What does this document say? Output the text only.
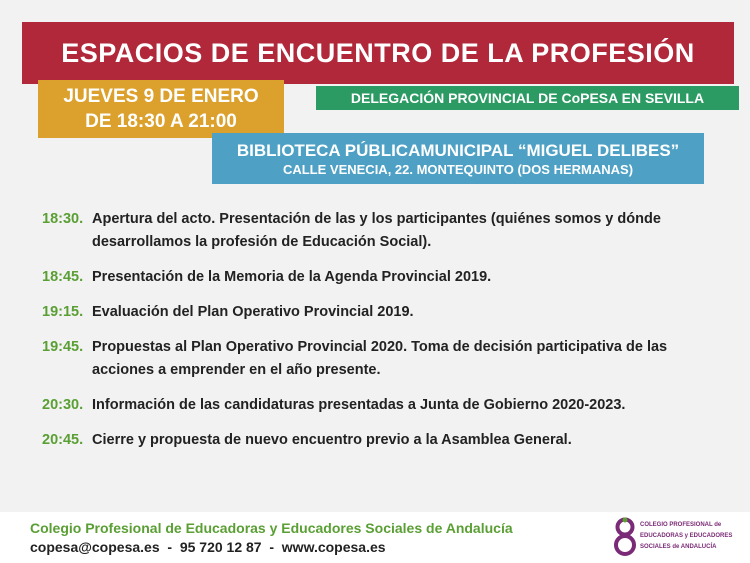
ESPACIOS DE ENCUENTRO DE LA PROFESIÓN
JUEVES 9 DE ENERO
DE 18:30 A 21:00
DELEGACIÓN PROVINCIAL DE CoPESA EN SEVILLA
BIBLIOTECA PÚBLICAMUNICIPAL “MIGUEL DELIBES”
CALLE VENECIA, 22. MONTEQUINTO (DOS HERMANAS)
18:30. Apertura del acto. Presentación de las y los participantes (quiénes somos y dónde desarrollamos la profesión de Educación Social).
18:45. Presentación de la Memoria de la Agenda Provincial 2019.
19:15. Evaluación del Plan Operativo Provincial 2019.
19:45. Propuestas al Plan Operativo Provincial 2020. Toma de decisión participativa de las acciones a emprender en el año presente.
20:30. Información de las candidaturas presentadas a Junta de Gobierno 2020-2023.
20:45. Cierre y propuesta de nuevo encuentro previo a la Asamblea General.
Colegio Profesional de Educadoras y Educadores Sociales de Andalucía
copesa@copesa.es  -  95 720 12 87  -  www.copesa.es
COLEGIO PROFESIONAL de
EDUCADORAS y EDUCADORES
SOCIALES de ANDALUCÍA
